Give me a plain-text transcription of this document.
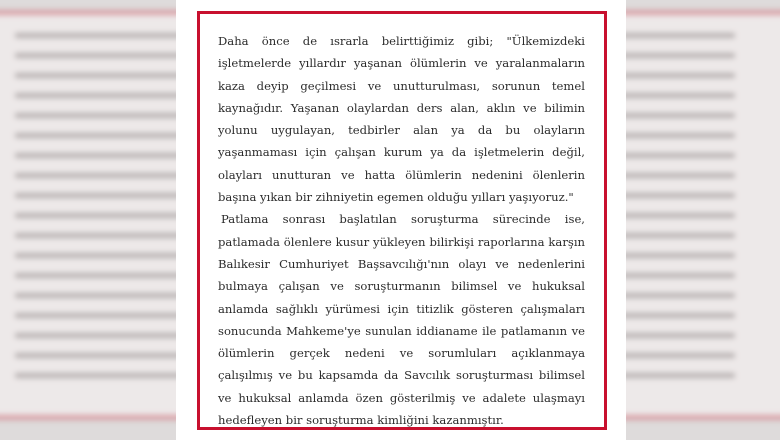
Daha önce de ısrarla belirttiğimiz gibi; "Ülkemizdeki işletmelerde yıllardır yaşanan ölümlerin ve yaralanmaların kaza deyip geçilmesi ve unutturulması, sorunun temel kaynağıdır. Yaşanan olaylardan ders alan, aklın ve bilimin yolunu uygulayan, tedbirler alan ya da bu olayların yaşanmaması için çalışan kurum ya da işletmelerin değil, olayları unutturan ve hatta ölümlerin nedenini ölenlerin başına yıkan bir zihniyetin egemen olduğu yılları yaşıyoruz."

Patlama sonrası başlatılan soruşturma sürecinde ise, patlamada ölenlere kusur yükleyen bilirkişi raporlarına karşın Balıkesir Cumhuriyet Başsavcılığı'nın olayı ve nedenlerini bulmaya çalışan ve soruşturmanın bilimsel ve hukuksal anlamda sağlıklı yürümesi için titizlik gösteren çalışmaları sonucunda Mahkeme'ye sunulan iddianame ile patlamanın ve ölümlerin gerçek nedeni ve sorumluları açıklanmaya çalışılmış ve bu kapsamda da Savcılık soruşturması bilimsel ve hukuksal anlamda özen gösterilmiş ve adalete ulaşmayı hedefleyen bir soruşturma kimliğini kazanmıştır.
